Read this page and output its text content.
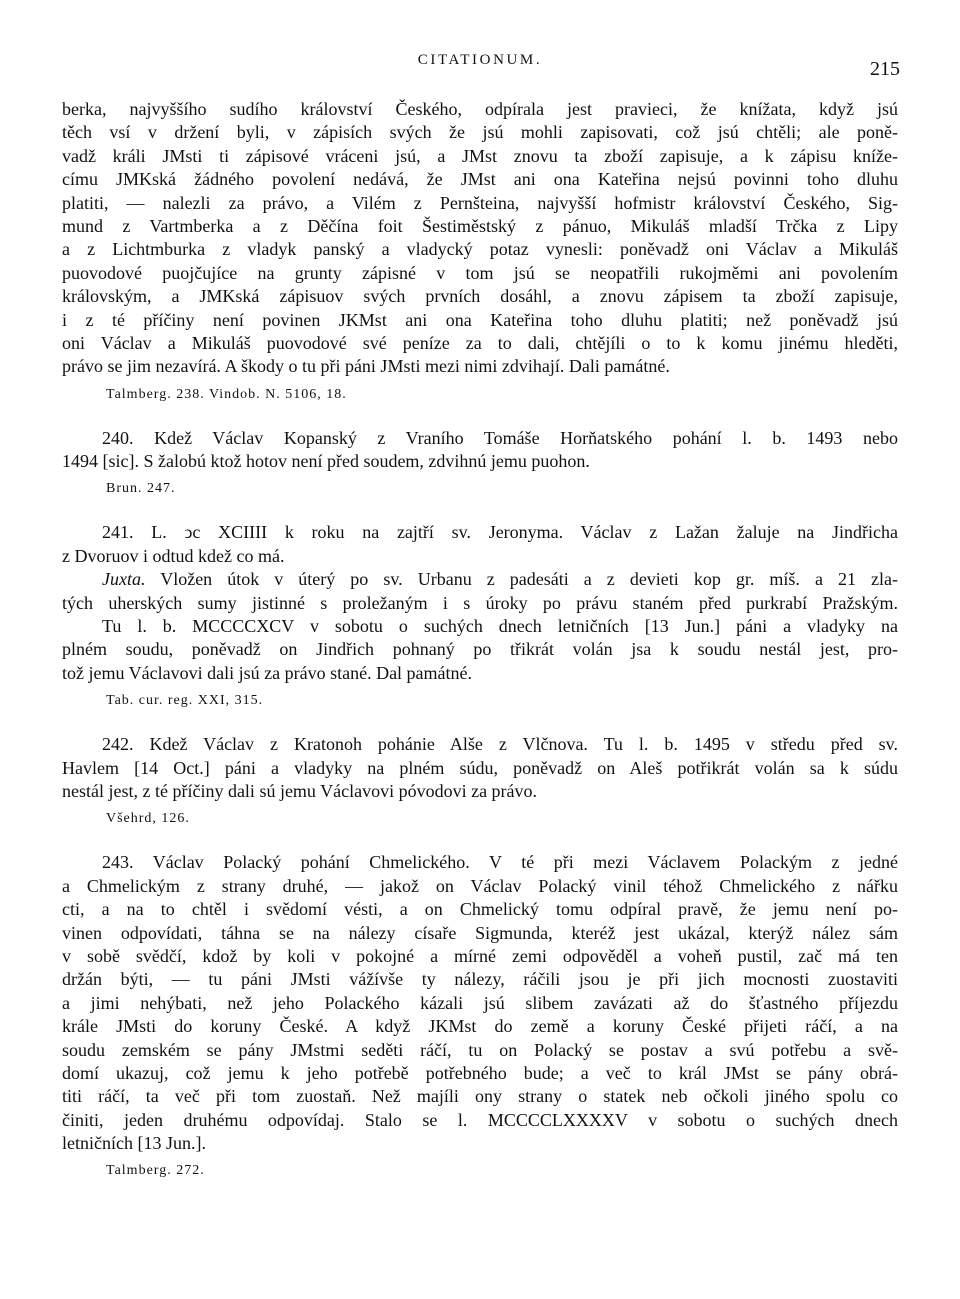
CITATIONUM.	215
berka, najvyššího sudího království Českého, odpírala jest pravieci, že knížata, když jsú
těch vsí v držení byli, v zápisích svých že jsú mohli zapisovati, což jsú chtěli; ale poně-
vadž králi JMsti ti zápisové vráceni jsú, a JMst znovu ta zboží zapisuje, a k zápisu kníže-
címu JMKská žádného povolení nedává, že JMst ani ona Kateřina nejsú povinni toho dluhu
platiti, — nalezli za právo, a Vilém z Pernšteina, najvyšší hofmistr království Českého, Sig-
mund z Vartmberka a z Děčína foit Šestiměstský z pánuo, Mikuláš mladší Trčka z Lipy
a z Lichtmburka z vladyk panský a vladycký potaz vynesli: poněvadž oni Václav a Mikuláš
puovodové puojčujíce na grunty zápisné v tom jsú se neopatřili rukojměmi ani povolením
královským, a JMKská zápisuov svých prvních dosáhl, a znovu zápisem ta zboží zapisuje,
i z té příčiny není povinen JKMst ani ona Kateřina toho dluhu platiti; než poněvadž jsú
oni Václav a Mikuláš puovodové své peníze za to dali, chtějíli o to k komu jinému hleděti,
právo se jim nezavírá. A škody o tu při páni JMsti mezi nimi zdvihají. Dali památné.
Talmberg. 238. Vindob. N. 5106, 18.
240. Kdež Václav Kopanský z Vraního Tomáše Horňatského pohání l. b. 1493 nebo
1494 [sic]. S žalobú ktož hotov není před soudem, zdvihnú jemu puohon.
Brun. 247.
241. L. ↄc XCIIII k roku na zajtří sv. Jeronyma. Václav z Lažan žaluje na Jindřicha
z Dvoruov i odtud kdež co má.
Juxta. Vložen útok v úterý po sv. Urbanu z padesáti a z devieti kop gr. míš. a 21 zla-
tých uherských sumy jistinné s proležaným i s úroky po právu staném před purkrabí Pražským.
Tu l. b. MCCCCXCV v sobotu o suchých dnech letničních [13 Jun.] páni a vladyky na
plném soudu, poněvadž on Jindřich pohnaný po třikrát volán jsa k soudu nestál jest, pro-
tož jemu Václavovi dali jsú za právo stané. Dal památné.
Tab. cur. reg. XXI, 315.
242. Kdež Václav z Kratonoh pohánie Alše z Vlčnova. Tu l. b. 1495 v středu před sv.
Havlem [14 Oct.] páni a vladyky na plném súdu, poněvadž on Aleš potřikrát volán sa k súdu
nestál jest, z té příčiny dali sú jemu Václavovi póvodovi za právo.
Všehrd, 126.
243. Václav Polacký pohání Chmelického. V té při mezi Václavem Polackým z jedné
a Chmelickým z strany druhé, — jakož on Václav Polacký vinil téhož Chmelického z nářku
cti, a na to chtěl i svědomí vésti, a on Chmelický tomu odpíral pravě, že jemu není po-
vinen odpovídati, táhna se na nálezy císaře Sigmunda, kteréž jest ukázal, kterýž nález sám
v sobě svědčí, kdož by koli v pokojné a mírné zemi odpověděl a voheň pustil, zač má ten
držán býti, — tu páni JMsti vážívše ty nálezy, ráčili jsou je při jich mocnosti zuostaviti
a jimi nehýbati, než jeho Polackého kázali jsú slibem zavázati až do šťastného příjezdu
krále JMsti do koruny České. A když JKMst do země a koruny České přijeti ráčí, a na
soudu zemském se pány JMstmi seděti ráčí, tu on Polacký se postav a svú potřebu a svě-
domí ukazuj, což jemu k jeho potřebě potřebného bude; a več to král JMst se pány obrá-
titi ráčí, ta več při tom zuostaň. Než majíli ony strany o statek neb očkoli jiného spolu co
činiti, jeden druhému odpovídaj. Stalo se l. MCCCCLXXXXV v sobotu o suchých dnech
letničních [13 Jun.].
Talmberg. 272.
